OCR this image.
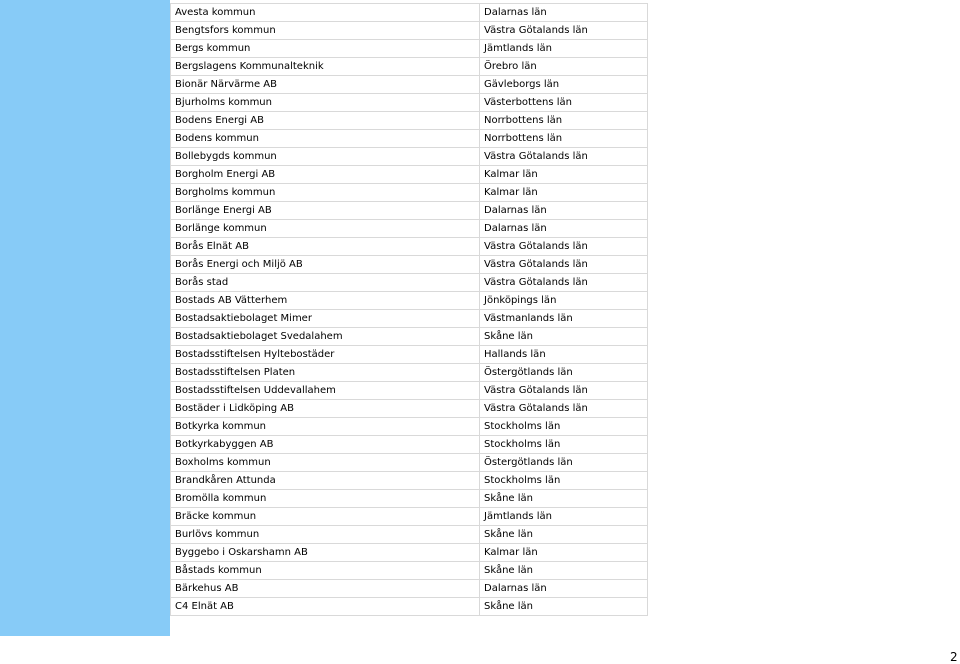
Avesta kommun	Dalarnas län
Bengtsfors kommun	Västra Götalands län
Bergs kommun	Jämtlands län
Bergslagens Kommunalteknik	Örebro län
Bionär Närvärme AB	Gävleborgs län
Bjurholms kommun	Västerbottens län
Bodens Energi AB	Norrbottens län
Bodens kommun	Norrbottens län
Bollebygds kommun	Västra Götalands län
Borgholm Energi AB	Kalmar län
Borgholms kommun	Kalmar län
Borlänge Energi AB	Dalarnas län
Borlänge kommun	Dalarnas län
Borås Elnät AB	Västra Götalands län
Borås Energi och Miljö AB	Västra Götalands län
Borås stad	Västra Götalands län
Bostads AB Vätterhem	Jönköpings län
Bostadsaktiebolaget Mimer	Västmanlands län
Bostadsaktiebolaget Svedalahem	Skåne län
Bostadsstiftelsen Hyltebostäder	Hallands län
Bostadsstiftelsen Platen	Östergötlands län
Bostadsstiftelsen Uddevallahem	Västra Götalands län
Bostäder i Lidköping AB	Västra Götalands län
Botkyrka kommun	Stockholms län
Botkyrkabyggen AB	Stockholms län
Boxholms kommun	Östergötlands län
Brandkåren Attunda	Stockholms län
Bromölla kommun	Skåne län
Bräcke kommun	Jämtlands län
Burlövs kommun	Skåne län
Byggebo i Oskarshamn AB	Kalmar län
Båstads kommun	Skåne län
Bärkehus AB	Dalarnas län
C4 Elnät AB	Skåne län
2
